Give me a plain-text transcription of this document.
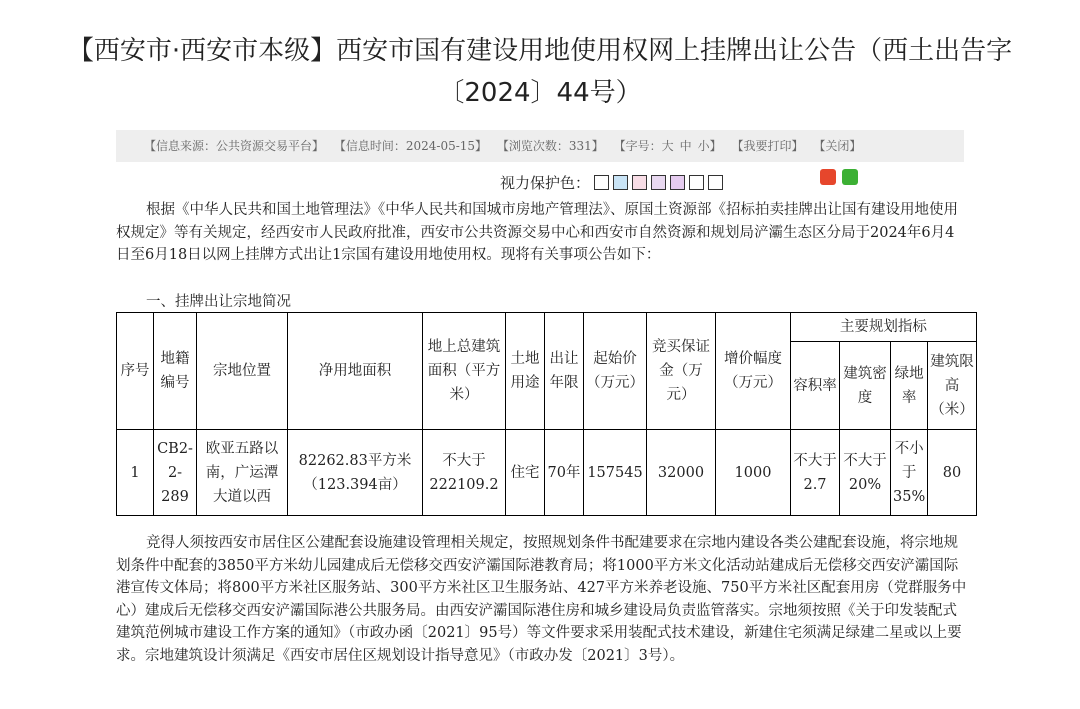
【西安市·西安市本级】西安市国有建设用地使用权网上挂牌出让公告（西土出告字〔2024〕44号）
【信息来源：公共资源交易平台】 【信息时间：2024-05-15】 【浏览次数：331】 【字号：大 中 小】 【我要打印】 【关闭】
视力保护色：
根据《中华人民共和国土地管理法》《中华人民共和国城市房地产管理法》、原国土资源部《招标拍卖挂牌出让国有建设用地使用权规定》等有关规定，经西安市人民政府批准，西安市公共资源交易中心和西安市自然资源和规划局浐灞生态区分局于2024年6月4日至6月18日以网上挂牌方式出让1宗国有建设用地使用权。现将有关事项公告如下：
一、挂牌出让宗地简况
序号	地籍编号	宗地位置	净用地面积	地上总建筑面积（平方米）	土地用途	出让年限	起始价（万元）	竞买保证金（万元）	增价幅度（万元）	主要规划指标			
										容积率	建筑密度	绿地率	建筑限高（米）
1	CB2-2-289	欧亚五路以南，广运潭大道以西	82262.83平方米（123.394亩）	不大于222109.2	住宅	70年	157545	32000	1000	不大于2.7	不大于20%	不小于35%	80
竞得人须按西安市居住区公建配套设施建设管理相关规定，按照规划条件书配建要求在宗地内建设各类公建配套设施，将宗地规划条件中配套的3850平方米幼儿园建成后无偿移交西安浐灞国际港教育局；将1000平方米文化活动站建成后无偿移交西安浐灞国际港宣传文体局；将800平方米社区服务站、300平方米社区卫生服务站、427平方米养老设施、750平方米社区配套用房（党群服务中心）建成后无偿移交西安浐灞国际港公共服务局。由西安浐灞国际港住房和城乡建设局负责监管落实。宗地须按照《关于印发装配式建筑范例城市建设工作方案的通知》（市政办函〔2021〕95号）等文件要求采用装配式技术建设，新建住宅须满足绿建二星或以上要求。宗地建筑设计须满足《西安市居住区规划设计指导意见》（市政办发〔2021〕3号）。
